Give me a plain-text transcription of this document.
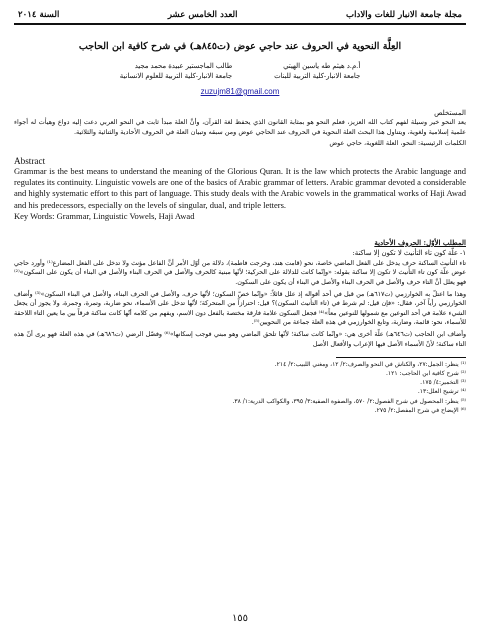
مجلة جامعة الانبار للغات والاداب
العدد الخامس عشر
السنة ٢٠١٤
العِلَّة النحوية في الحروف عند حاجي عوض (ت٨٤٥هـ) في شرح كافية ابن الحاجب
أ.م.د هيثم طه ياسين الهيتي
جامعة الانبار-كلية التربية للبنات
طالب الماجستير عبيدة محمد مجيد
جامعة الانبار-كلية التربية للعلوم الانسانية
zuzujm81@gmail.com
المستخلص
يعد النحو خير وسيلة لفهم كتاب الله العزيز، فعلم النحو هو بمثابة القانون الذي يحفظ لغة القرآن، وأنَّ العلة مبدأ ثابت في النحو العربي دعت إليه دواع وهيأت له أجواء علمية إسلامية ولغوية، ويتناول هذا البحث العلة النحوية في الحروف عند الحاجي عوض ومن سبقه وتبيان العلة في الحروف الأحادية والثنائية والثلاثية.
الكلمات الرئيسية: النحو، العلة اللغوية، حاجي عوض
Abstract
Grammar is the best means to understand the meaning of the Glorious Quran. It is the law which protects the Arabic language and regulates its continuity. Linguistic vowels are one of the basics of Arabic grammar of letters. Arabic grammar devoted a considerable and highly systematic effort to this part of language. This study deals with the Arabic vowels in the grammatical works of Haji Awad and his predecessors, especially on the levels of singular, dual, and triple letters.
Key Words: Grammar, Linguistic Vowels, Haji Awad
المطلب الأوّل: الحروف الأحادية
١- علّة كون تاء التأنيث لا تكون إلا ساكنة:
تاء التأنيث الساكنة حرف يدخل على الفعل الماضي خاصة، نحو (قامت هند، وخرجت فاطمة)، دلالة من أوّل الأمر أنَّ الفاعل مؤنث ولا تدخل على الفعل المضارع⁽¹⁾ وأورد حاجي عوض علّة كون تاء التأنيث لا تكون إلا ساكنة بقوله: «وإنّما كانت للدلالة على الحركية؛ لأنّها مبنية كالحرف والأصل في الحرف البناء والأصل في البناء أن يكون على السكون»⁽²⁾ فهو يعلل أنَّ التاء حرف والأصل في الحرف البناء والأصل في البناء أن يكون على السكون.
وهذا ما اعتلّ به الخوارزمي (ت٦١٧هـ) من قبل في أحد أقواله إذ علل قائلاً: «وإنّما خصّ السكون؛ لأنّها حرف، والأصل في الحرف البناء، والأصل في البناء السكون»⁽³⁾ وأضاف الخوارزمي رأياً آخر، فقال: «فإن قيل: لم شرط في (تاء التأنيث السكون)؟ قيل: احترازاً من المتحركة؛ لأنّها تدخل على الأسماء، نحو ضاربة، وتمرة، وجمرة، ولا يجوز أن يجعل الشيء علامة في أحد النوعين مع شمولها للنوعين معاً»⁽⁴⁾ فجعل السكون علامة فارقة مختصة بالفعل دون الاسم، ويفهم من كلامه أنّها كانت ساكنة فرقاً بين ما يعين التاء اللاحقة للأسماء، نحو: قائمة، وضاربة، وتابع الخوارزمي في هذه العلة جماعة من النحويين⁽⁵⁾.
وأضاف ابن الحاجب (ت٦٤٦هـ) علّة أخرى هي: «وإنّما كانت ساكنة؛ لأنّها تلحق الماضي وهو مبني فوجب إسكانها»⁽⁶⁾ وفصّل الرضي (ت٦٨٦هـ) في هذه العلة فهو يرى أنّ هذه التاء ساكنة؛ لأنّ الأسماء الأصل فيها الإعراب والأفعال الأصل
⁽¹⁾ ينظر: الجمل:٢٧، والكناش في النحو والصرف:٢/ ١٢، ومغني اللبيب:٢/ ٢١٤.
⁽²⁾ شرح كافية ابن الحاجب: ١٢١.
⁽³⁾ التخمير:٤/ ١٧٥.
⁽⁴⁾ ترشيح العلل:١٣.
⁽⁵⁾ ينظر: المحصول في شرح الفصول:٢/ ٥٧٠، والصفوة الصفية:٣/ ٣٩٥، والكواكب الدرية:١/ ٣٨.
⁽⁶⁾ الإيضاح في شرح المفصل:٢/ ٢٧٥.
١٥٥
